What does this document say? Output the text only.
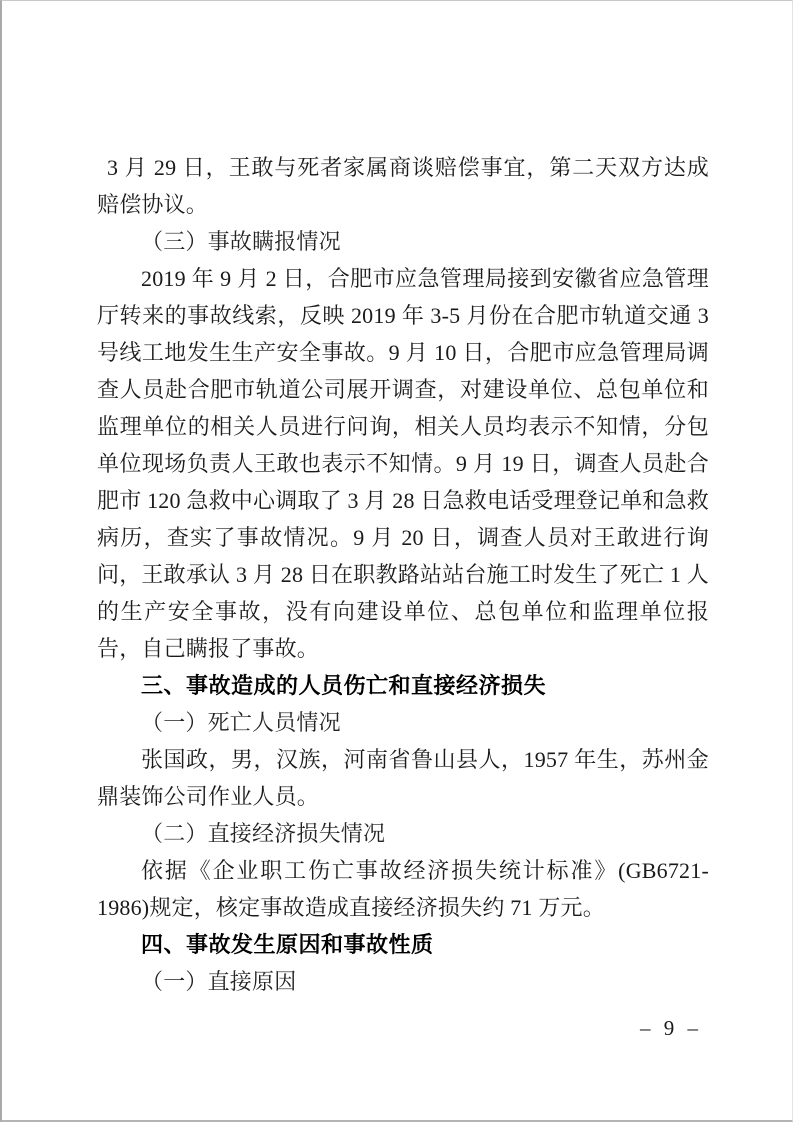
3 月 29 日，王敢与死者家属商谈赔偿事宜，第二天双方达成赔偿协议。

（三）事故瞒报情况

2019 年 9 月 2 日，合肥市应急管理局接到安徽省应急管理厅转来的事故线索，反映 2019 年 3-5 月份在合肥市轨道交通 3 号线工地发生生产安全事故。9 月 10 日，合肥市应急管理局调查人员赴合肥市轨道公司展开调查，对建设单位、总包单位和监理单位的相关人员进行问询，相关人员均表示不知情，分包单位现场负责人王敢也表示不知情。9 月 19 日，调查人员赴合肥市 120 急救中心调取了 3 月 28 日急救电话受理登记单和急救病历，查实了事故情况。9 月 20 日，调查人员对王敢进行询问，王敢承认 3 月 28 日在职教路站站台施工时发生了死亡 1 人的生产安全事故，没有向建设单位、总包单位和监理单位报告，自己瞒报了事故。

三、事故造成的人员伤亡和直接经济损失

（一）死亡人员情况

张国政，男，汉族，河南省鲁山县人，1957 年生，苏州金鼎装饰公司作业人员。

（二）直接经济损失情况

依据《企业职工伤亡事故经济损失统计标准》(GB6721-1986)规定，核定事故造成直接经济损失约 71 万元。

四、事故发生原因和事故性质

（一）直接原因

– 9 –
